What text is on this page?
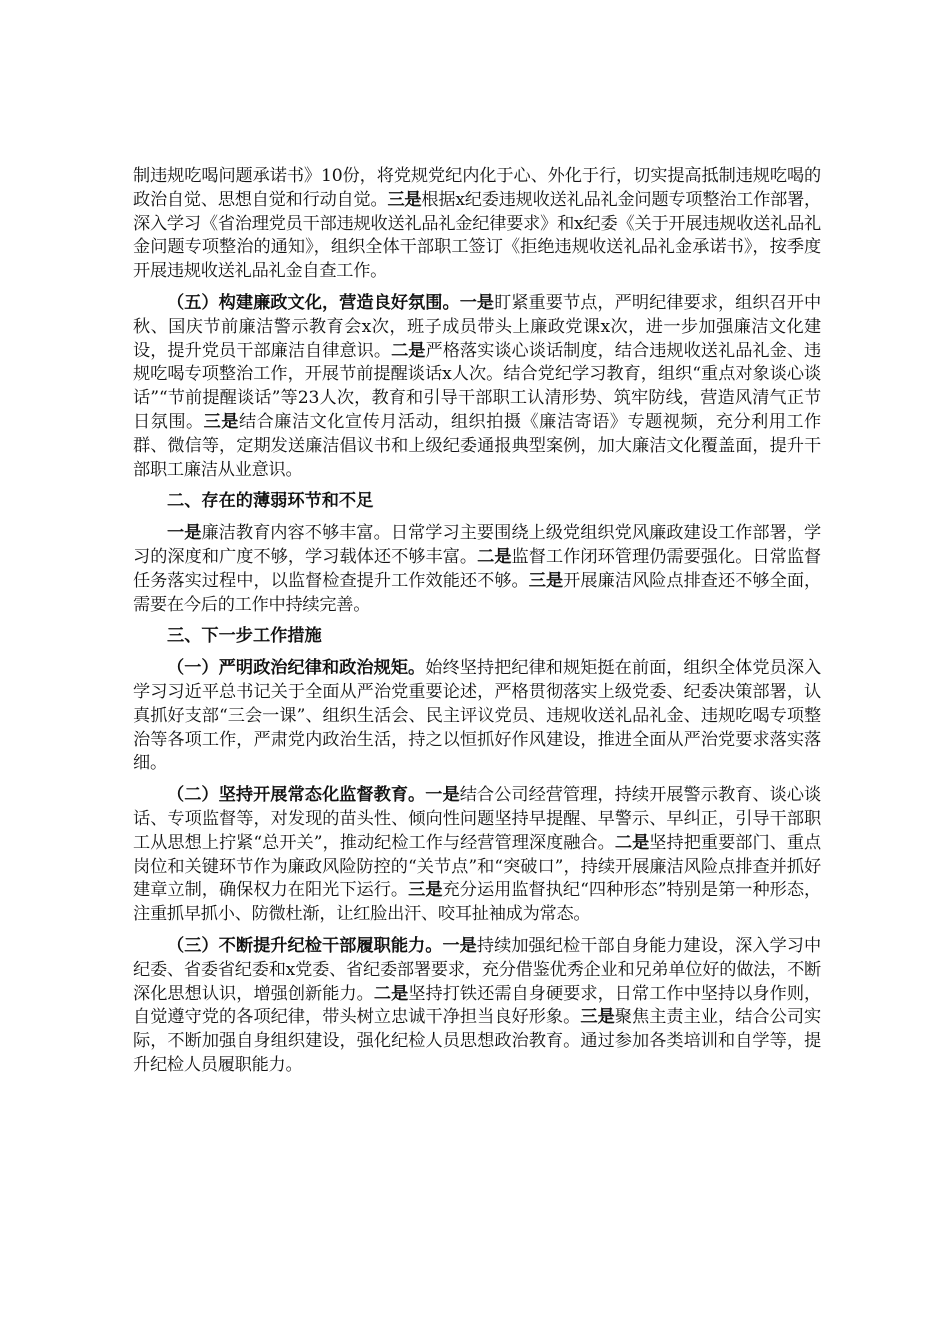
制违规吃喝问题承诺书》10份，将党规党纪内化于心、外化于行，切实提高抵制违规吃喝的政治自觉、思想自觉和行动自觉。三是根据x纪委违规收送礼品礼金问题专项整治工作部署，深入学习《省治理党员干部违规收送礼品礼金纪律要求》和x纪委《关于开展违规收送礼品礼金问题专项整治的通知》，组织全体干部职工签订《拒绝违规收送礼品礼金承诺书》，按季度开展违规收送礼品礼金自查工作。

（五）构建廉政文化，营造良好氛围。一是盯紧重要节点，严明纪律要求，组织召开中秋、国庆节前廉洁警示教育会x次，班子成员带头上廉政党课x次，进一步加强廉洁文化建设，提升党员干部廉洁自律意识。二是严格落实谈心谈话制度，结合违规收送礼品礼金、违规吃喝专项整治工作，开展节前提醒谈话x人次。结合党纪学习教育，组织“重点对象谈心谈话”“节前提醒谈话”等23人次，教育和引导干部职工认清形势、筑牢防线，营造风清气正节日氛围。三是结合廉洁文化宣传月活动，组织拍摄《廉洁寄语》专题视频，充分利用工作群、微信等，定期发送廉洁倡议书和上级纪委通报典型案例，加大廉洁文化覆盖面，提升干部职工廉洁从业意识。

二、存在的薄弱环节和不足

一是廉洁教育内容不够丰富。日常学习主要围绕上级党组织党风廉政建设工作部署，学习的深度和广度不够，学习载体还不够丰富。二是监督工作闭环管理仍需要强化。日常监督任务落实过程中，以监督检查提升工作效能还不够。三是开展廉洁风险点排查还不够全面，需要在今后的工作中持续完善。

三、下一步工作措施

（一）严明政治纪律和政治规矩。始终坚持把纪律和规矩挺在前面，组织全体党员深入学习习近平总书记关于全面从严治党重要论述，严格贯彻落实上级党委、纪委决策部署，认真抓好支部“三会一课”、组织生活会、民主评议党员、违规收送礼品礼金、违规吃喝专项整治等各项工作，严肃党内政治生活，持之以恒抓好作风建设，推进全面从严治党要求落实落细。

（二）坚持开展常态化监督教育。一是结合公司经营管理，持续开展警示教育、谈心谈话、专项监督等，对发现的苗头性、倾向性问题坚持早提醒、早警示、早纠正，引导干部职工从思想上拧紧“总开关”，推动纪检工作与经营管理深度融合。二是坚持把重要部门、重点岗位和关键环节作为廉政风险防控的“关节点”和“突破口”，持续开展廉洁风险点排查并抓好建章立制，确保权力在阳光下运行。三是充分运用监督执纪“四种形态”特别是第一种形态，注重抓早抓小、防微杜渐，让红脸出汗、咬耳扯袖成为常态。

（三）不断提升纪检干部履职能力。一是持续加强纪检干部自身能力建设，深入学习中纪委、省委省纪委和x党委、省纪委部署要求，充分借鉴优秀企业和兄弟单位好的做法，不断深化思想认识，增强创新能力。二是坚持打铁还需自身硬要求，日常工作中坚持以身作则，自觉遵守党的各项纪律，带头树立忠诚干净担当良好形象。三是聚焦主责主业，结合公司实际，不断加强自身组织建设，强化纪检人员思想政治教育。通过参加各类培训和自学等，提升纪检人员履职能力。
